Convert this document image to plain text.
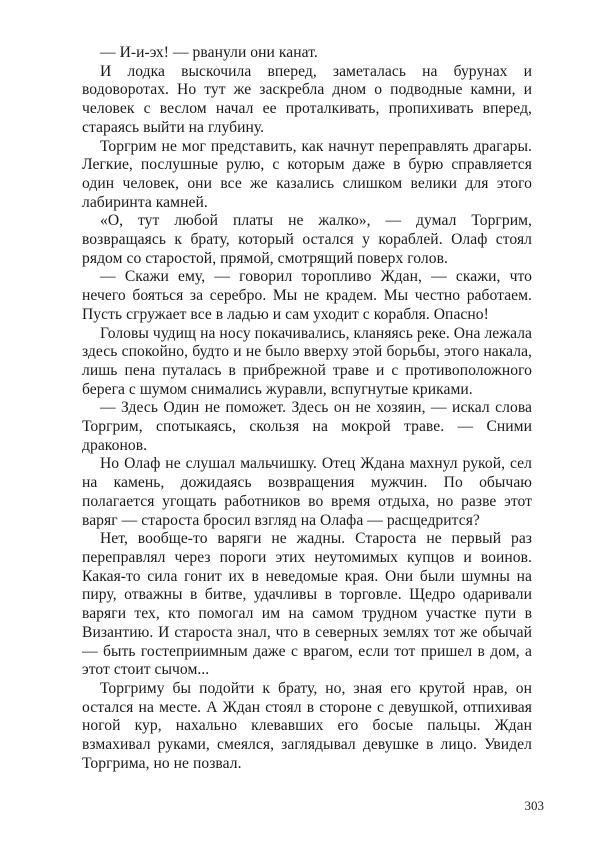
— И-и-эх! — рванули они канат.

И лодка выскочила вперед, заметалась на бурунах и водоворотах. Но тут же заскребла дном о подводные камни, и человек с веслом начал ее проталкивать, пропихивать вперед, стараясь выйти на глубину.

Торгрим не мог представить, как начнут переправлять драгары. Легкие, послушные рулю, с которым даже в бурю справляется один человек, они все же казались слишком велики для этого лабиринта камней.

«О, тут любой платы не жалко», — думал Торгрим, возвращаясь к брату, который остался у кораблей. Олаф стоял рядом со старостой, прямой, смотрящий поверх голов.

— Скажи ему, — говорил торопливо Ждан, — скажи, что нечего бояться за серебро. Мы не крадем. Мы честно работаем. Пусть сгружает все в ладью и сам уходит с корабля. Опасно!

Головы чудищ на носу покачивались, кланяясь реке. Она лежала здесь спокойно, будто и не было вверху этой борьбы, этого накала, лишь пена путалась в прибрежной траве и с противоположного берега с шумом снимались журавли, вспугнутые криками.

— Здесь Один не поможет. Здесь он не хозяин, — искал слова Торгрим, спотыкаясь, скользя на мокрой траве. — Сними драконов.

Но Олаф не слушал мальчишку. Отец Ждана махнул рукой, сел на камень, дожидаясь возвращения мужчин. По обычаю полагается угощать работников во время отдыха, но разве этот варяг — староста бросил взгляд на Олафа — расщедрится?

Нет, вообще-то варяги не жадны. Староста не первый раз переправлял через пороги этих неутомимых купцов и воинов. Какая-то сила гонит их в неведомые края. Они были шумны на пиру, отважны в битве, удачливы в торговле. Щедро одаривали варяги тех, кто помогал им на самом трудном участке пути в Византию. И староста знал, что в северных землях тот же обычай — быть гостеприимным даже с врагом, если тот пришел в дом, а этот стоит сычом...

Торгриму бы подойти к брату, но, зная его крутой нрав, он остался на месте. А Ждан стоял в стороне с девушкой, отпихивая ногой кур, нахально клевавших его босые пальцы. Ждан взмахивал руками, смеялся, заглядывал девушке в лицо. Увидел Торгрима, но не позвал.

303
